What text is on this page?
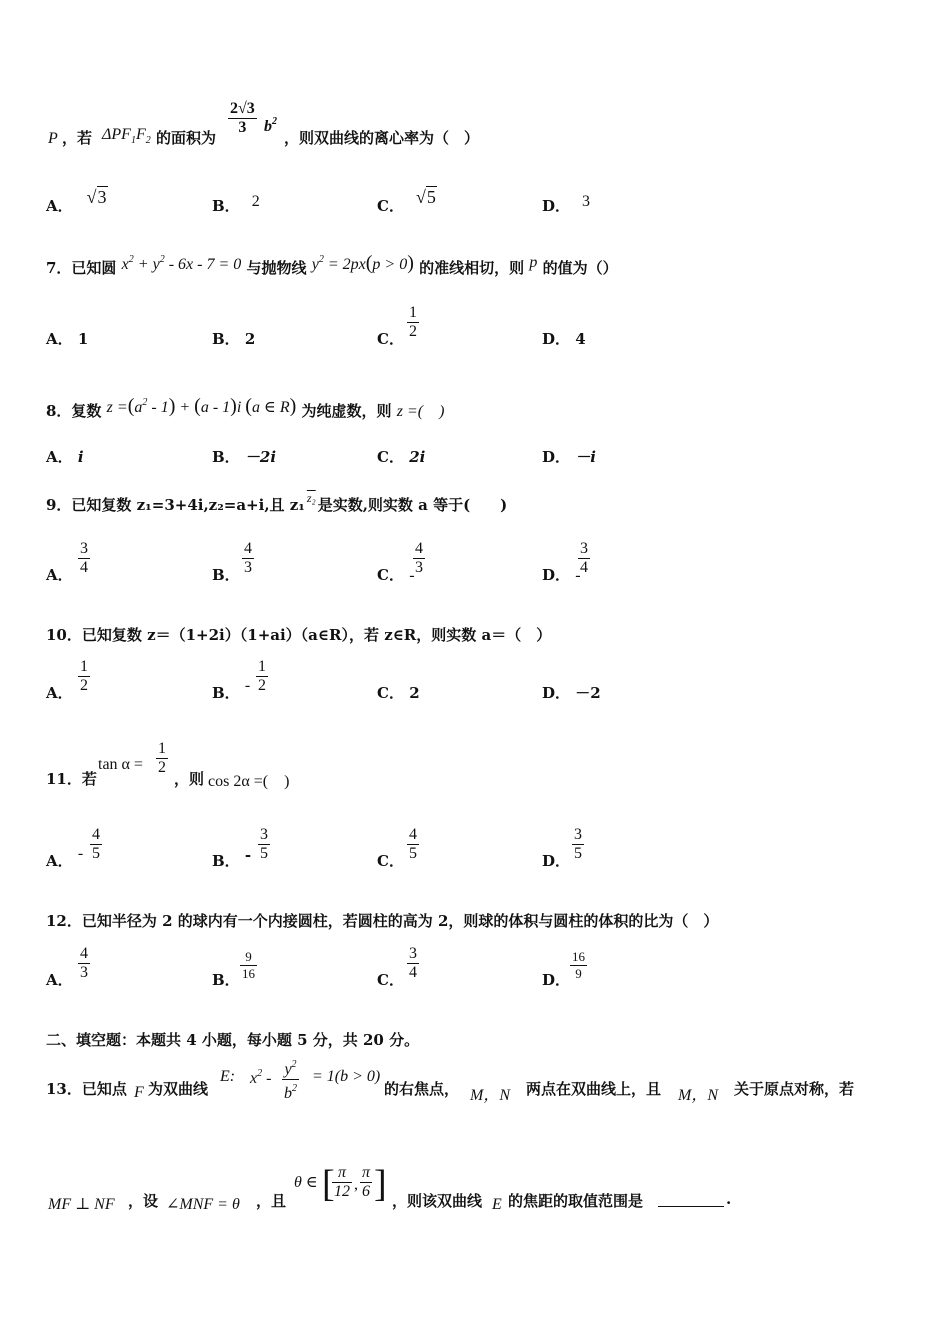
P ，若 $\Delta PF_1F_2$ 的面积为
$\frac{2√3}{3} b^2$
，则双曲线的离心率为（　）
A． √3	B． 2	C． √5	D． 3
7．已知圆 $x^2 + y^2 - 6x - 7 = 0$ 与抛物线 $y^2 = 2px(p > 0)$ 的准线相切，则 p 的值为（）
A． 1	B． 2	C． $\frac{1}{2}$	D． 4
8．复数 $z =(a^2 - 1) + (a - 1)i$ (a ∈ R) 为纯虚数，则 z =(　)
A． i	B． －2i	C． 2i	D． －i
9．已知复数 z₁=3+4i,z₂=a+i,且 z₁ $^{z_2}$ 是实数,则实数 a 等于(　　)
A． $\frac{3}{4}$	B． $\frac{4}{3}$	C． -
$\frac{4}{3}$	D． -
$\frac{3}{4}$
10．已知复数 z＝（1+2i）（1+ai）（a∈R），若 z∈R，则实数 a＝（　）
A． $\frac{1}{2}$	B． - $\frac{1}{2}$	C． 2	D． －2
11．若
$\tan \alpha = \frac{1}{2}$
，则 cos 2α =(　)
A． - $\frac{4}{5}$	B． - $\frac{3}{5}$	C． $\frac{4}{5}$	D． $\frac{3}{5}$
12．已知半径为 2 的球内有一个内接圆柱，若圆柱的高为 2，则球的体积与圆柱的体积的比为（　）
A． $\frac{4}{3}$	B． $\frac{9}{16}$	C． $\frac{3}{4}$	D． $\frac{16}{9}$
二、填空题：本题共 4 小题，每小题 5 分，共 20 分。
13．已知点 F 为双曲线
E: $x^2 - \frac{y^2}{b^2} = 1(b > 0)$
的右焦点， M，N 两点在双曲线上，且 M，N 关于原点对称，若
MF ⊥ NF ，设 ∠MNF = θ ，且
θ ∈ [
$\frac{\pi}{12}$ , $\frac{\pi}{6}$ ] ，则该双曲线 E 的焦距的取值范围是	.
